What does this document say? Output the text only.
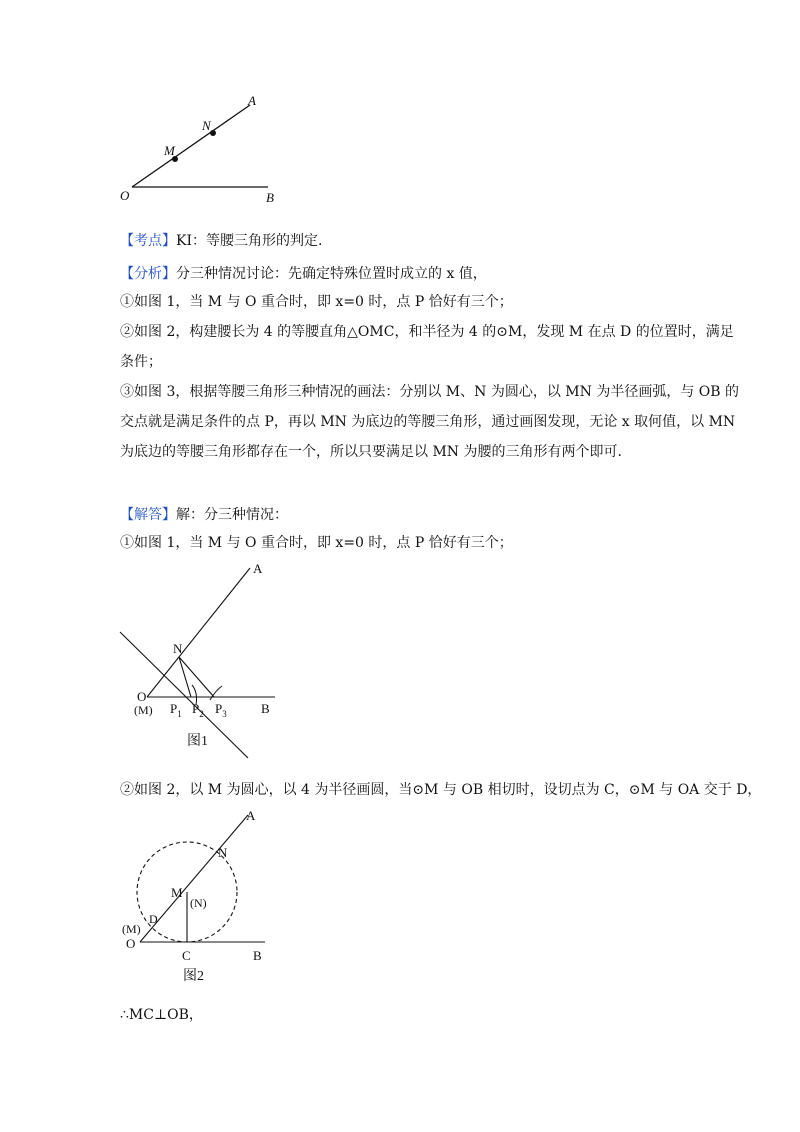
A
N
M
O	B
【考点】KI：等腰三角形的判定.
【分析】分三种情况讨论：先确定特殊位置时成立的 x 值，
①如图 1，当 M 与 O 重合时，即 x=0 时，点 P 恰好有三个；
②如图 2，构建腰长为 4 的等腰直角△OMC，和半径为 4 的⊙M，发现 M 在点 D 的位置时，满足
条件；
③如图 3，根据等腰三角形三种情况的画法：分别以 M、N 为圆心，以 MN 为半径画弧，与 OB 的
交点就是满足条件的点 P，再以 MN 为底边的等腰三角形，通过画图发现，无论 x 取何值，以 MN
为底边的等腰三角形都存在一个，所以只要满足以 MN 为腰的三角形有两个即可.
【解答】解：分三种情况：
①如图 1，当 M 与 O 重合时，即 x=0 时，点 P 恰好有三个；
A
N
O
(M) $P_1$ $P_2$ $P_3$	B
图1
②如图 2，以 M 为圆心，以 4 为半径画圆，当⊙M 与 OB 相切时，设切点为 C，⊙M 与 OA 交于 D，
A
N
M
(N)
D
(M)
O
C	B
图2
∴MC⊥OB，
